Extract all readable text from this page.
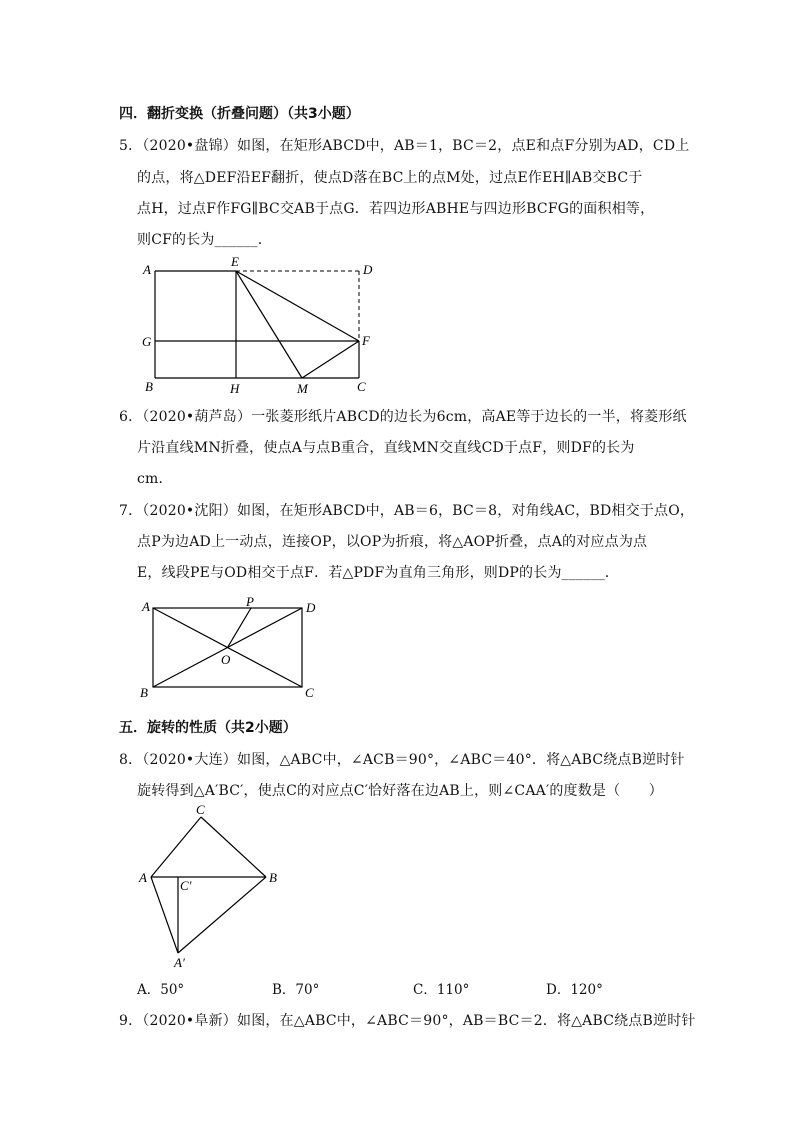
四．翻折变换（折叠问题）（共3小题）
5．（2020•盘锦）如图，在矩形ABCD中，AB＝1，BC＝2，点E和点F分别为AD，CD上
的点，将△DEF沿EF翻折，使点D落在BC上的点M处，过点E作EH∥AB交BC于
点H，过点F作FG∥BC交AB于点G．若四边形ABHE与四边形BCFG的面积相等，
则CF的长为______．
A
E
D
G	F
B	H	M	C
6．（2020•葫芦岛）一张菱形纸片ABCD的边长为6cm，高AE等于边长的一半，将菱形纸
片沿直线MN折叠，使点A与点B重合，直线MN交直线CD于点F，则DF的长为
cm．
7．（2020•沈阳）如图，在矩形ABCD中，AB＝6，BC＝8，对角线AC，BD相交于点O，
点P为边AD上一动点，连接OP，以OP为折痕，将△AOP折叠，点A的对应点为点
E，线段PE与OD相交于点F．若△PDF为直角三角形，则DP的长为______．
A	P	D
O
B	C
五．旋转的性质（共2小题）
8．（2020•大连）如图，△ABC中，∠ACB＝90°，∠ABC＝40°．将△ABC绕点B逆时针
旋转得到△A′BC′，使点C的对应点C′恰好落在边AB上，则∠CAA′的度数是（　　）
C
A	B
C′
A′
A．50°	B．70°	C．110°	D．120°
9．（2020•阜新）如图，在△ABC中，∠ABC＝90°，AB＝BC＝2．将△ABC绕点B逆时针
